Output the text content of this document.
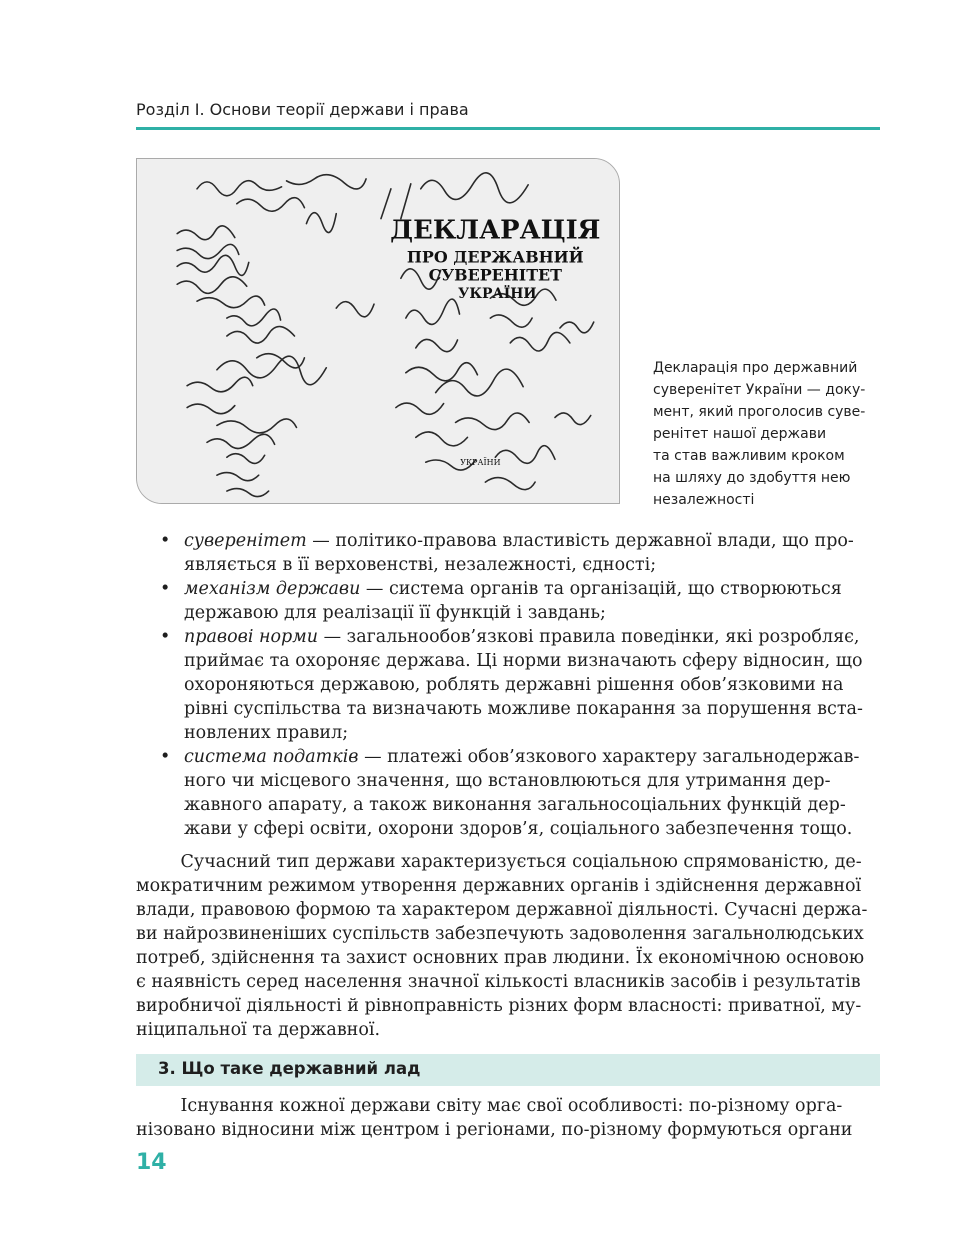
Розділ I. Основи теорії держави і права
ДЕКЛАРАЦІЯ
ПРО ДЕРЖАВНИЙ
СУВЕРЕНІТЕТ
УКРАЇНИ
УКРАЇНИ
Декларація про державний
суверенітет України — доку-
мент, який проголосив суве-
ренітет нашої держави
та став важливим кроком
на шляху до здобуття нею
незалежності
• суверенітет — політико-правова властивість державної влади, що про-
являється в її верховенстві, незалежності, єдності;
• механізм держави — система органів та організацій, що створюються
державою для реалізації її функцій і завдань;
• правові норми — загальнообов’язкові правила поведінки, які розробляє,
приймає та охороняє держава. Ці норми визначають сферу відносин, що
охороняються державою, роблять державні рішення обов’язковими на
рівні суспільства та визначають можливе покарання за порушення вста-
новлених правил;
• система податків — платежі обов’язкового характеру загальнодержав-
ного чи місцевого значення, що встановлюються для утримання дер-
жавного апарату, а також виконання загальносоціальних функцій дер-
жави у сфері освіти, охорони здоров’я, соціального забезпечення тощо.
Сучасний тип держави характеризується соціальною спрямованістю, де-
мократичним режимом утворення державних органів і здійснення державної
влади, правовою формою та характером державної діяльності. Сучасні держа-
ви найрозвиненіших суспільств забезпечують задоволення загальнолюдських
потреб, здійснення та захист основних прав людини. Їх економічною основою
є наявність серед населення значної кількості власників засобів і результатів
виробничої діяльності й рівноправність різних форм власності: приватної, му-
ніципальної та державної.
3. Що таке державний лад
Існування кожної держави світу має свої особливості: по-різному орга-
нізовано відносини між центром і регіонами, по-різному формуються органи
14
